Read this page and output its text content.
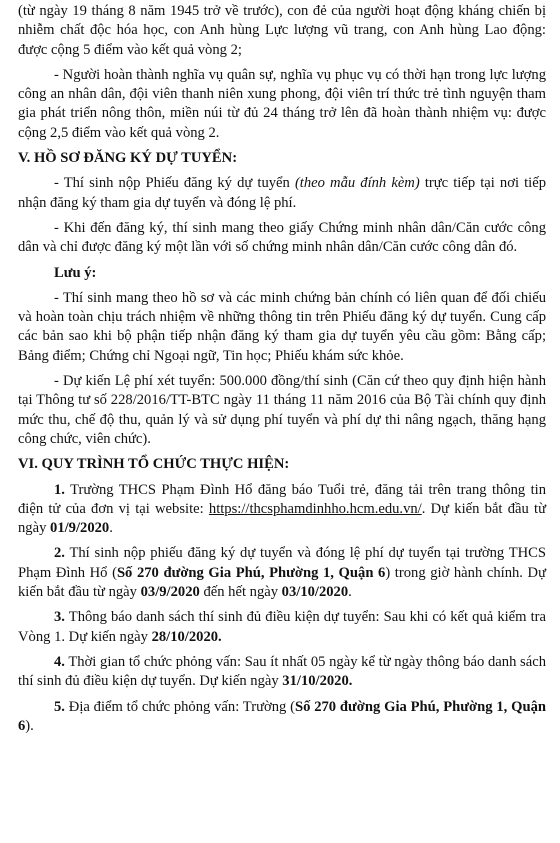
(từ ngày 19 tháng 8 năm 1945 trở về trước), con đẻ của người hoạt động kháng chiến bị nhiễm chất độc hóa học, con Anh hùng Lực lượng vũ trang, con Anh hùng Lao động: được cộng 5 điểm vào kết quả vòng 2;

- Người hoàn thành nghĩa vụ quân sự, nghĩa vụ phục vụ có thời hạn trong lực lượng công an nhân dân, đội viên thanh niên xung phong, đội viên trí thức trẻ tình nguyện tham gia phát triển nông thôn, miền núi từ đủ 24 tháng trở lên đã hoàn thành nhiệm vụ: được cộng 2,5 điểm vào kết quả vòng 2.

V. HỒ SƠ ĐĂNG KÝ DỰ TUYỂN:

- Thí sinh nộp Phiếu đăng ký dự tuyển (theo mẫu đính kèm) trực tiếp tại nơi tiếp nhận đăng ký tham gia dự tuyển và đóng lệ phí.

- Khi đến đăng ký, thí sinh mang theo giấy Chứng minh nhân dân/Căn cước công dân và chỉ được đăng ký một lần với số chứng minh nhân dân/Căn cước công dân đó.

Lưu ý:

- Thí sinh mang theo hồ sơ và các minh chứng bản chính có liên quan để đối chiếu và hoàn toàn chịu trách nhiệm về những thông tin trên Phiếu đăng ký dự tuyển. Cung cấp các bản sao khi bộ phận tiếp nhận đăng ký tham gia dự tuyển yêu cầu gồm: Bằng cấp; Bảng điểm; Chứng chỉ Ngoại ngữ, Tin học; Phiếu khám sức khỏe.

- Dự kiến Lệ phí xét tuyển: 500.000 đồng/thí sinh (Căn cứ theo quy định hiện hành tại Thông tư số 228/2016/TT-BTC ngày 11 tháng 11 năm 2016 của Bộ Tài chính quy định mức thu, chế độ thu, quản lý và sử dụng phí tuyển và phí dự thi nâng ngạch, thăng hạng công chức, viên chức).

VI. QUY TRÌNH TỔ CHỨC THỰC HIỆN:

1. Trường THCS Phạm Đình Hổ đăng báo Tuổi trẻ, đăng tải trên trang thông tin điện tử của đơn vị tại website: https://thcsphamdinhho.hcm.edu.vn/. Dự kiến bắt đầu từ ngày 01/9/2020.

2. Thí sinh nộp phiếu đăng ký dự tuyển và đóng lệ phí dự tuyển tại trường THCS Phạm Đình Hổ (Số 270 đường Gia Phú, Phường 1, Quận 6) trong giờ hành chính. Dự kiến bắt đầu từ ngày 03/9/2020 đến hết ngày 03/10/2020.

3. Thông báo danh sách thí sinh đủ điều kiện dự tuyển: Sau khi có kết quả kiểm tra Vòng 1. Dự kiến ngày 28/10/2020.

4. Thời gian tổ chức phỏng vấn: Sau ít nhất 05 ngày kể từ ngày thông báo danh sách thí sinh đủ điều kiện dự tuyển. Dự kiến ngày 31/10/2020.

5. Địa điểm tổ chức phỏng vấn: Trường (Số 270 đường Gia Phú, Phường 1, Quận 6).
